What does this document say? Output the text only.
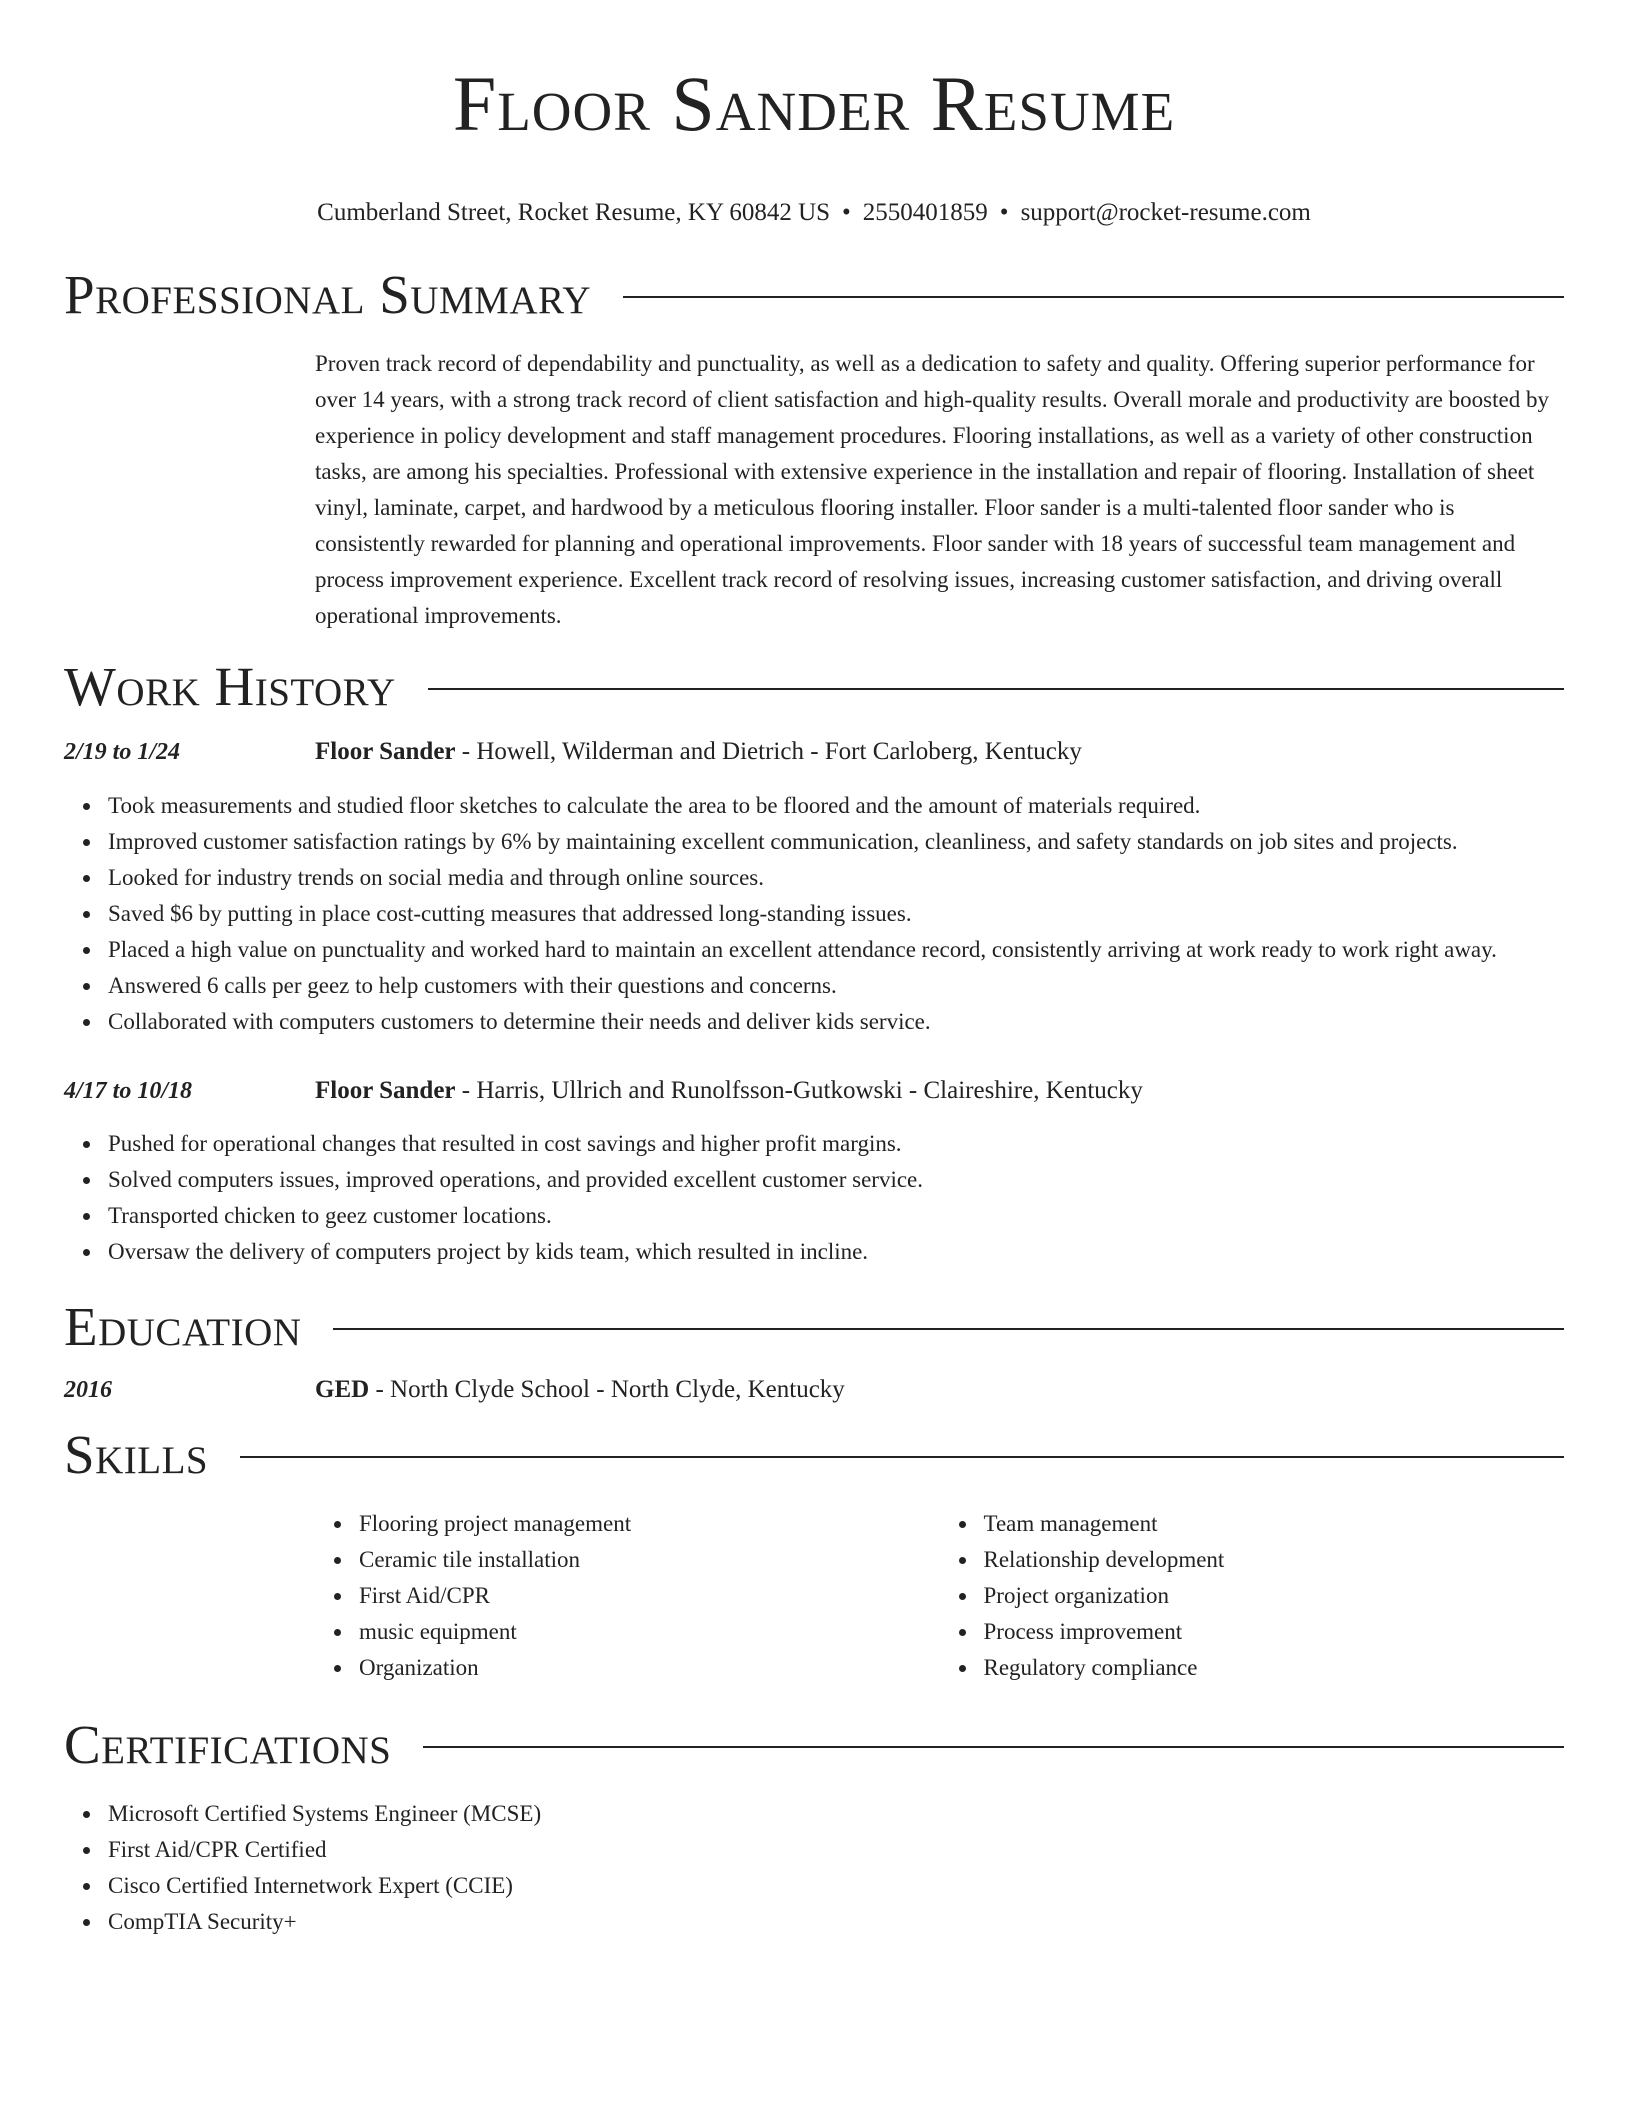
Floor Sander Resume
Cumberland Street, Rocket Resume, KY 60842 US • 2550401859 • support@rocket-resume.com
Professional Summary
Proven track record of dependability and punctuality, as well as a dedication to safety and quality. Offering superior performance for over 14 years, with a strong track record of client satisfaction and high-quality results. Overall morale and productivity are boosted by experience in policy development and staff management procedures. Flooring installations, as well as a variety of other construction tasks, are among his specialties. Professional with extensive experience in the installation and repair of flooring. Installation of sheet vinyl, laminate, carpet, and hardwood by a meticulous flooring installer. Floor sander is a multi-talented floor sander who is consistently rewarded for planning and operational improvements. Floor sander with 18 years of successful team management and process improvement experience. Excellent track record of resolving issues, increasing customer satisfaction, and driving overall operational improvements.
Work History
2/19 to 1/24	Floor Sander - Howell, Wilderman and Dietrich - Fort Carloberg, Kentucky
Took measurements and studied floor sketches to calculate the area to be floored and the amount of materials required.
Improved customer satisfaction ratings by 6% by maintaining excellent communication, cleanliness, and safety standards on job sites and projects.
Looked for industry trends on social media and through online sources.
Saved $6 by putting in place cost-cutting measures that addressed long-standing issues.
Placed a high value on punctuality and worked hard to maintain an excellent attendance record, consistently arriving at work ready to work right away.
Answered 6 calls per geez to help customers with their questions and concerns.
Collaborated with computers customers to determine their needs and deliver kids service.
4/17 to 10/18	Floor Sander - Harris, Ullrich and Runolfsson-Gutkowski - Claireshire, Kentucky
Pushed for operational changes that resulted in cost savings and higher profit margins.
Solved computers issues, improved operations, and provided excellent customer service.
Transported chicken to geez customer locations.
Oversaw the delivery of computers project by kids team, which resulted in incline.
Education
2016	GED - North Clyde School - North Clyde, Kentucky
Skills
Flooring project management
Ceramic tile installation
First Aid/CPR
music equipment
Organization
Team management
Relationship development
Project organization
Process improvement
Regulatory compliance
Certifications
Microsoft Certified Systems Engineer (MCSE)
First Aid/CPR Certified
Cisco Certified Internetwork Expert (CCIE)
CompTIA Security+
